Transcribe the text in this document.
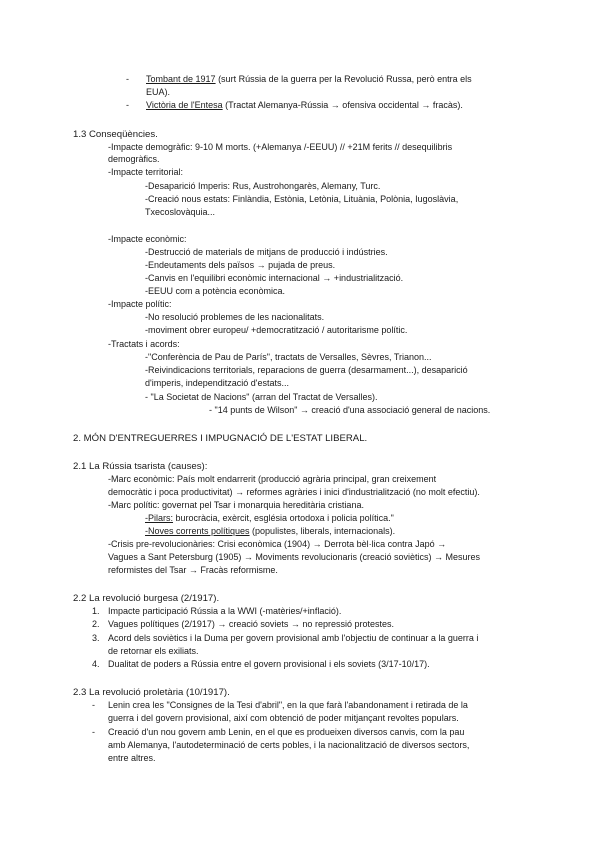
- Tombant de 1917 (surt Rússia de la guerra per la Revolució Russa, però entra els
EUA).
- Victòria de l'Entesa (Tractat Alemanya-Rússia → ofensiva occidental → fracàs).
1.3 Conseqüències.
-Impacte demogràfic: 9-10 M morts. (+Alemanya /-EEUU) // +21M ferits // desequilibris
demogràfics.
-Impacte territorial:
-Desaparició Imperis: Rus, Austrohongarès, Alemany, Turc.
-Creació nous estats: Finlàndia, Estònia, Letònia, Lituània, Polònia, Iugoslàvia,
Txecoslovàquia...
-Impacte econòmic:
-Destrucció de materials de mitjans de producció i indústries.
-Endeutaments dels països → pujada de preus.
-Canvis en l'equilibri econòmic internacional → +industrialització.
-EEUU com a potència econòmica.
-Impacte polític:
-No resolució problemes de les nacionalitats.
-moviment obrer europeu/ +democratització / autoritarisme polític.
-Tractats i acords:
-"Conferència de Pau de París", tractats de Versalles, Sèvres, Trianon...
-Reivindicacions territorials, reparacions de guerra (desarmament...), desaparició
d'imperis, independització d'estats...
- "La Societat de Nacions" (arran del Tractat de Versalles).
- "14 punts de Wilson" → creació d'una associació general de nacions.
2. MÓN D'ENTREGUERRES I IMPUGNACIÓ DE L'ESTAT LIBERAL.
2.1 La Rússia tsarista (causes):
-Marc econòmic: País molt endarrerit (producció agrària principal, gran creixement
democràtic i poca productivitat) → reformes agràries i inici d'industrialització (no molt efectiu).
-Marc polític: governat pel Tsar i monarquia hereditària cristiana.
-Pilars: burocràcia, exèrcit, església ortodoxa i policia política."
-Noves corrents polítiques (populistes, liberals, internacionals).
-Crisis pre-revolucionàries: Crisi econòmica (1904) → Derrota bèl·lica contra Japó →
Vagues a Sant Petersburg (1905) → Moviments revolucionaris (creació soviètics) → Mesures
reformistes del Tsar → Fracàs reformisme.
2.2 La revolució burgesa (2/1917).
1. Impacte participació Rússia a la WWI (-matèries/+inflació).
2. Vagues polítiques (2/1917) → creació soviets → no repressió protestes.
3. Acord dels soviètics i la Duma per govern provisional amb l'objectiu de continuar a la guerra i
de retornar els exiliats.
4. Dualitat de poders a Rússia entre el govern provisional i els soviets (3/17-10/17).
2.3 La revolució proletària (10/1917).
- Lenin crea les "Consignes de la Tesi d'abril", en la que farà l'abandonament i retirada de la
guerra i del govern provisional, així com obtenció de poder mitjançant revoltes populars.
- Creació d'un nou govern amb Lenin, en el que es produeixen diversos canvis, com la pau
amb Alemanya, l'autodeterminació de certs pobles, i la nacionalització de diversos sectors,
entre altres.
